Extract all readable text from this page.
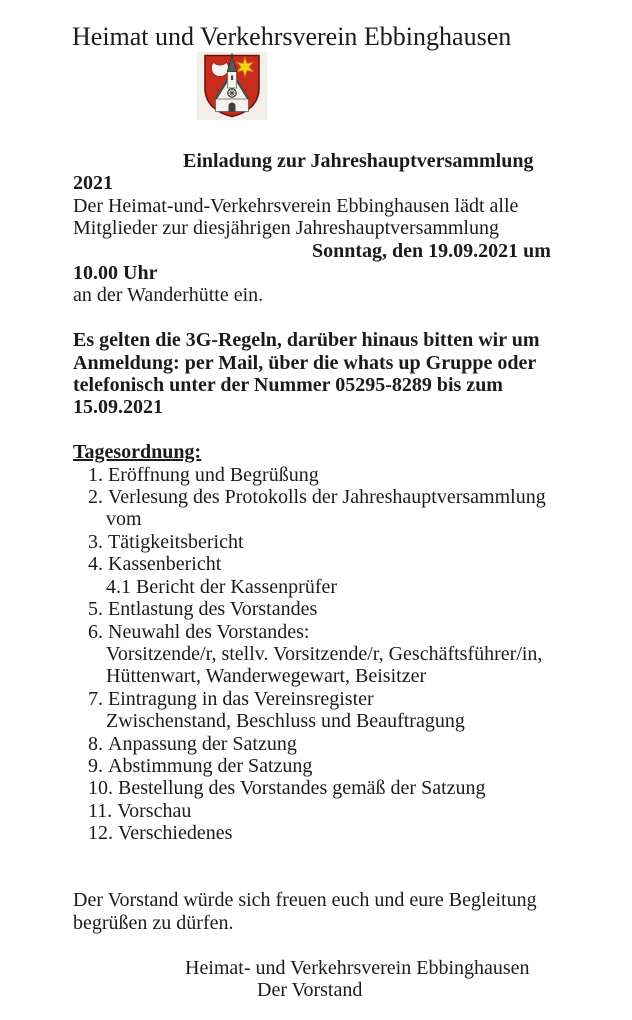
Heimat und Verkehrsverein Ebbinghausen
Einladung zur Jahreshauptversammlung
2021
Der Heimat-und-Verkehrsverein Ebbinghausen lädt alle
Mitglieder zur diesjährigen Jahreshauptversammlung
Sonntag, den 19.09.2021 um
10.00 Uhr
an der Wanderhütte ein.
Es gelten die 3G-Regeln, darüber hinaus bitten wir um
Anmeldung: per Mail, über die whats up Gruppe oder
telefonisch unter der Nummer 05295-8289 bis zum
15.09.2021
Tagesordnung:
1. Eröffnung und Begrüßung
2. Verlesung des Protokolls der Jahreshauptversammlung
vom
3. Tätigkeitsbericht
4. Kassenbericht
4.1 Bericht der Kassenprüfer
5. Entlastung des Vorstandes
6. Neuwahl des Vorstandes:
Vorsitzende/r, stellv. Vorsitzende/r, Geschäftsführer/in,
Hüttenwart, Wanderwegewart, Beisitzer
7. Eintragung in das Vereinsregister
Zwischenstand, Beschluss und Beauftragung
8. Anpassung der Satzung
9. Abstimmung der Satzung
10. Bestellung des Vorstandes gemäß der Satzung
11. Vorschau
12. Verschiedenes
Der Vorstand würde sich freuen euch und eure Begleitung
begrüßen zu dürfen.
Heimat- und Verkehrsverein Ebbinghausen
Der Vorstand
